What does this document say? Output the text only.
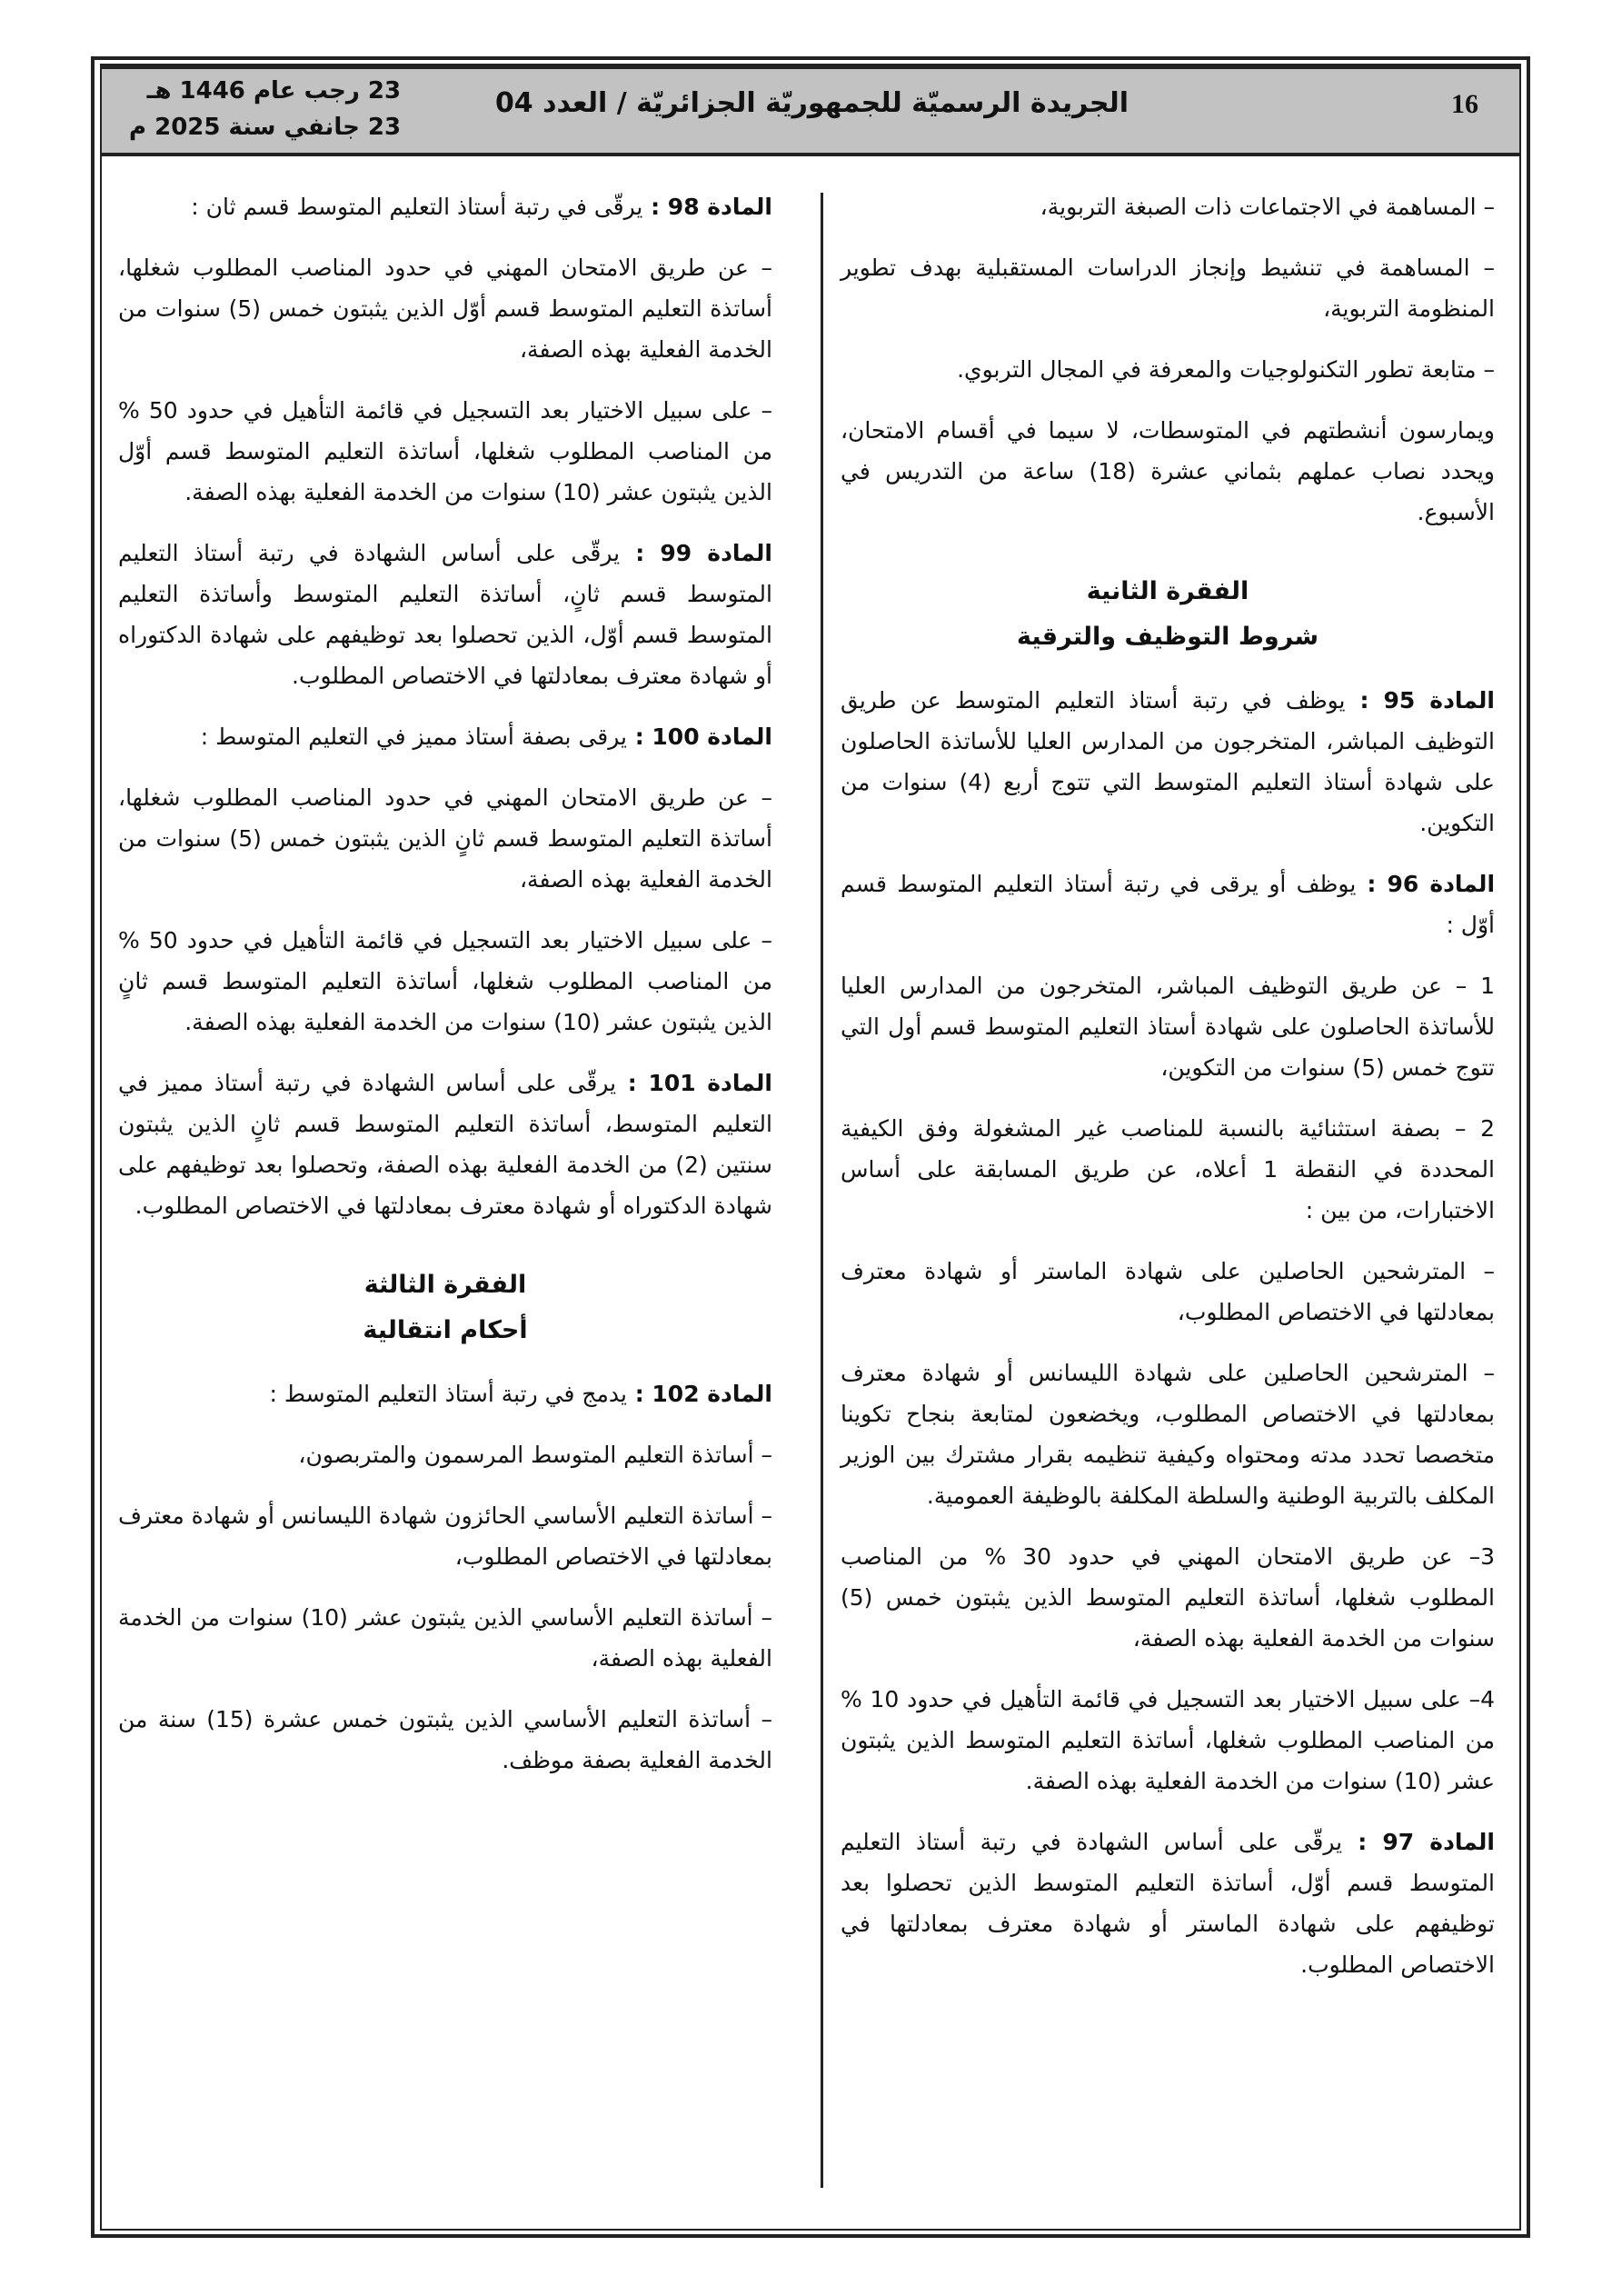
16
الجريدة الرسميّة للجمهوريّة الجزائريّة / العدد 04
23 رجب عام 1446 هـ
23 جانفي سنة 2025 م

– المساهمة في الاجتماعات ذات الصبغة التربوية،

– المساهمة في تنشيط وإنجاز الدراسات المستقبلية بهدف تطوير المنظومة التربوية،

– متابعة تطور التكنولوجيات والمعرفة في المجال التربوي.

ويمارسون أنشطتهم في المتوسطات، لا سيما في أقسام الامتحان، ويحدد نصاب عملهم بثماني عشرة (18) ساعة من التدريس في الأسبوع.

الفقرة الثانية

شروط التوظيف والترقية

المادة 95 : يوظف في رتبة أستاذ التعليم المتوسط عن طريق التوظيف المباشر، المتخرجون من المدارس العليا للأساتذة الحاصلون على شهادة أستاذ التعليم المتوسط التي تتوج أربع (4) سنوات من التكوين.

المادة 96 : يوظف أو يرقى في رتبة أستاذ التعليم المتوسط قسم أوّل :

1 – عن طريق التوظيف المباشر، المتخرجون من المدارس العليا للأساتذة الحاصلون على شهادة أستاذ التعليم المتوسط قسم أول التي تتوج خمس (5) سنوات من التكوين،

2 – بصفة استثنائية بالنسبة للمناصب غير المشغولة وفق الكيفية المحددة في النقطة 1 أعلاه، عن طريق المسابقة على أساس الاختبارات، من بين :

– المترشحين الحاصلين على شهادة الماستر أو شهادة معترف بمعادلتها في الاختصاص المطلوب،

– المترشحين الحاصلين على شهادة الليسانس أو شهادة معترف بمعادلتها في الاختصاص المطلوب، ويخضعون لمتابعة بنجاح تكوينا متخصصا تحدد مدته ومحتواه وكيفية تنظيمه بقرار مشترك بين الوزير المكلف بالتربية الوطنية والسلطة المكلفة بالوظيفة العمومية.

3– عن طريق الامتحان المهني في حدود 30 % من المناصب المطلوب شغلها، أساتذة التعليم المتوسط الذين يثبتون خمس (5) سنوات من الخدمة الفعلية بهذه الصفة،

4– على سبيل الاختيار بعد التسجيل في قائمة التأهيل في حدود 10 % من المناصب المطلوب شغلها، أساتذة التعليم المتوسط الذين يثبتون عشر (10) سنوات من الخدمة الفعلية بهذه الصفة.

المادة 97 : يرقّى على أساس الشهادة في رتبة أستاذ التعليم المتوسط قسم أوّل، أساتذة التعليم المتوسط الذين تحصلوا بعد توظيفهم على شهادة الماستر أو شهادة معترف بمعادلتها في الاختصاص المطلوب.

المادة 98 : يرقّى في رتبة أستاذ التعليم المتوسط قسم ثان :

– عن طريق الامتحان المهني في حدود المناصب المطلوب شغلها، أساتذة التعليم المتوسط قسم أوّل الذين يثبتون خمس (5) سنوات من الخدمة الفعلية بهذه الصفة،

– على سبيل الاختيار بعد التسجيل في قائمة التأهيل في حدود 50 % من المناصب المطلوب شغلها، أساتذة التعليم المتوسط قسم أوّل الذين يثبتون عشر (10) سنوات من الخدمة الفعلية بهذه الصفة.

المادة 99 : يرقّى على أساس الشهادة في رتبة أستاذ التعليم المتوسط قسم ثانٍ، أساتذة التعليم المتوسط وأساتذة التعليم المتوسط قسم أوّل، الذين تحصلوا بعد توظيفهم على شهادة الدكتوراه أو شهادة معترف بمعادلتها في الاختصاص المطلوب.

المادة 100 : يرقى بصفة أستاذ مميز في التعليم المتوسط :

– عن طريق الامتحان المهني في حدود المناصب المطلوب شغلها، أساتذة التعليم المتوسط قسم ثانٍ الذين يثبتون خمس (5) سنوات من الخدمة الفعلية بهذه الصفة،

– على سبيل الاختيار بعد التسجيل في قائمة التأهيل في حدود 50 % من المناصب المطلوب شغلها، أساتذة التعليم المتوسط قسم ثانٍ الذين يثبتون عشر (10) سنوات من الخدمة الفعلية بهذه الصفة.

المادة 101 : يرقّى على أساس الشهادة في رتبة أستاذ مميز في التعليم المتوسط، أساتذة التعليم المتوسط قسم ثانٍ الذين يثبتون سنتين (2) من الخدمة الفعلية بهذه الصفة، وتحصلوا بعد توظيفهم على شهادة الدكتوراه أو شهادة معترف بمعادلتها في الاختصاص المطلوب.

الفقرة الثالثة

أحكام انتقالية

المادة 102 : يدمج في رتبة أستاذ التعليم المتوسط :

– أساتذة التعليم المتوسط المرسمون والمتربصون،

– أساتذة التعليم الأساسي الحائزون شهادة الليسانس أو شهادة معترف بمعادلتها في الاختصاص المطلوب،

– أساتذة التعليم الأساسي الذين يثبتون عشر (10) سنوات من الخدمة الفعلية بهذه الصفة،

– أساتذة التعليم الأساسي الذين يثبتون خمس عشرة (15) سنة من الخدمة الفعلية بصفة موظف.
